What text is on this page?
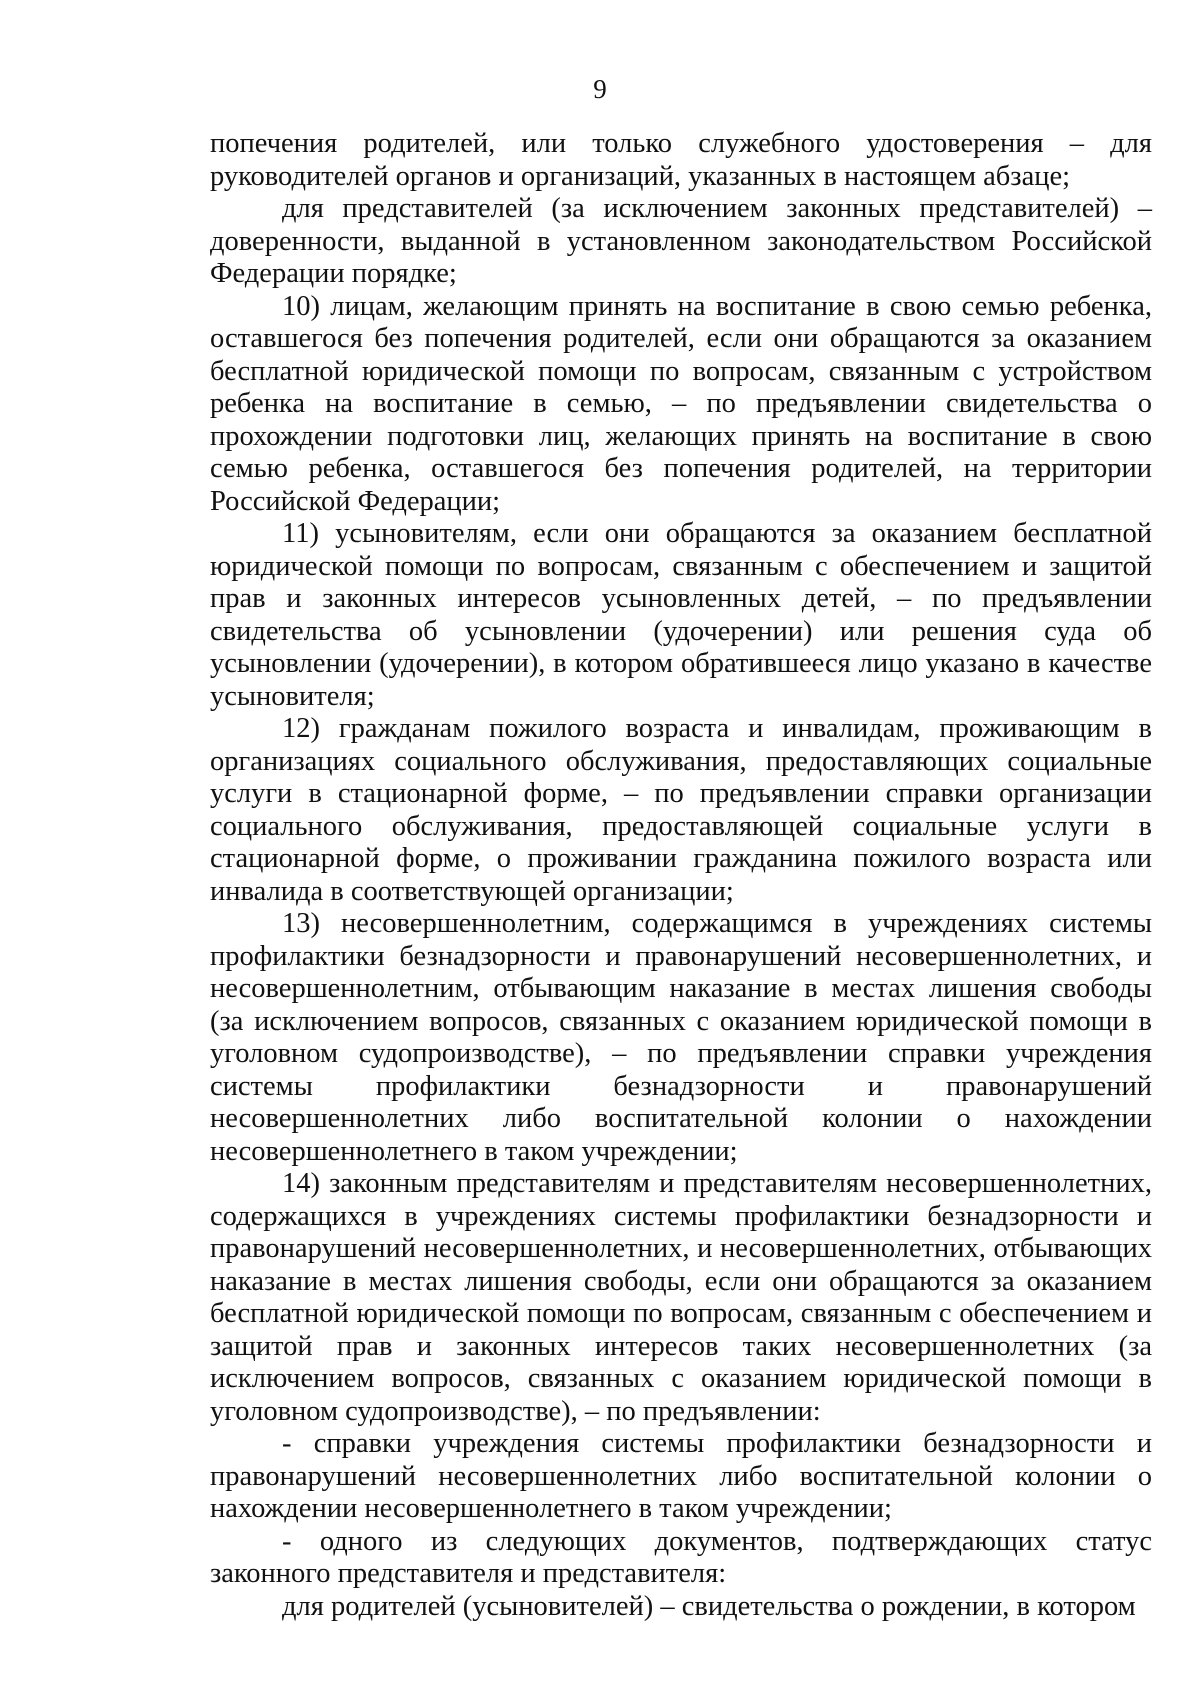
9

попечения родителей, или только служебного удостоверения – для руководителей органов и организаций, указанных в настоящем абзаце;

для представителей (за исключением законных представителей) – доверенности, выданной в установленном законодательством Российской Федерации порядке;

10) лицам, желающим принять на воспитание в свою семью ребенка, оставшегося без попечения родителей, если они обращаются за оказанием бесплатной юридической помощи по вопросам, связанным с устройством ребенка на воспитание в семью, – по предъявлении свидетельства о прохождении подготовки лиц, желающих принять на воспитание в свою семью ребенка, оставшегося без попечения родителей, на территории Российской Федерации;

11) усыновителям, если они обращаются за оказанием бесплатной юридической помощи по вопросам, связанным с обеспечением и защитой прав и законных интересов усыновленных детей, – по предъявлении свидетельства об усыновлении (удочерении) или решения суда об усыновлении (удочерении), в котором обратившееся лицо указано в качестве усыновителя;

12) гражданам пожилого возраста и инвалидам, проживающим в организациях социального обслуживания, предоставляющих социальные услуги в стационарной форме, – по предъявлении справки организации социального обслуживания, предоставляющей социальные услуги в стационарной форме, о проживании гражданина пожилого возраста или инвалида в соответствующей организации;

13) несовершеннолетним, содержащимся в учреждениях системы профилактики безнадзорности и правонарушений несовершеннолетних, и несовершеннолетним, отбывающим наказание в местах лишения свободы (за исключением вопросов, связанных с оказанием юридической помощи в уголовном судопроизводстве), – по предъявлении справки учреждения системы профилактики безнадзорности и правонарушений несовершеннолетних либо воспитательной колонии о нахождении несовершеннолетнего в таком учреждении;

14) законным представителям и представителям несовершеннолетних, содержащихся в учреждениях системы профилактики безнадзорности и правонарушений несовершеннолетних, и несовершеннолетних, отбывающих наказание в местах лишения свободы, если они обращаются за оказанием бесплатной юридической помощи по вопросам, связанным с обеспечением и защитой прав и законных интересов таких несовершеннолетних (за исключением вопросов, связанных с оказанием юридической помощи в уголовном судопроизводстве), – по предъявлении:

- справки учреждения системы профилактики безнадзорности и правонарушений несовершеннолетних либо воспитательной колонии о нахождении несовершеннолетнего в таком учреждении;

- одного из следующих документов, подтверждающих статус законного представителя и представителя:

для родителей (усыновителей) – свидетельства о рождении, в котором
